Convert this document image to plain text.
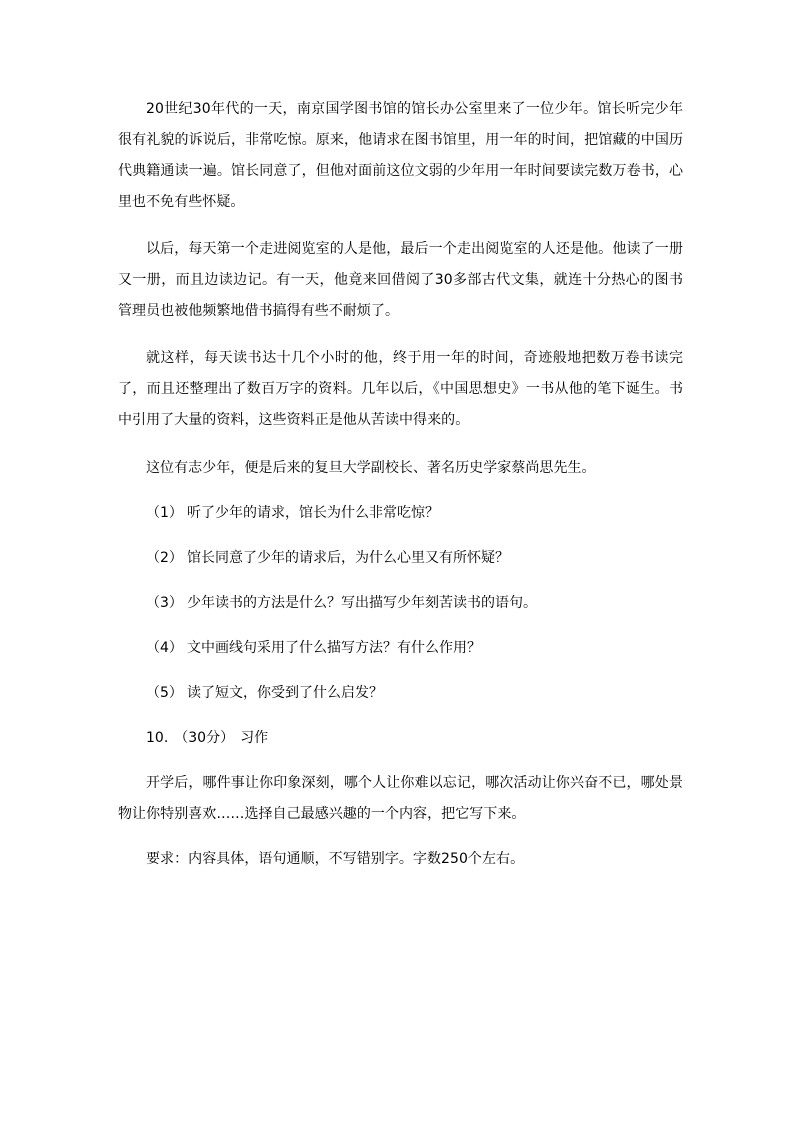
20世纪30年代的一天，南京国学图书馆的馆长办公室里来了一位少年。馆长听完少年很有礼貌的诉说后，非常吃惊。原来，他请求在图书馆里，用一年的时间，把馆藏的中国历代典籍通读一遍。馆长同意了，但他对面前这位文弱的少年用一年时间要读完数万卷书，心里也不免有些怀疑。

以后，每天第一个走进阅览室的人是他，最后一个走出阅览室的人还是他。他读了一册又一册，而且边读边记。有一天，他竟来回借阅了30多部古代文集，就连十分热心的图书管理员也被他频繁地借书搞得有些不耐烦了。

就这样，每天读书达十几个小时的他，终于用一年的时间，奇迹般地把数万卷书读完了，而且还整理出了数百万字的资料。几年以后，《中国思想史》一书从他的笔下诞生。书中引用了大量的资料，这些资料正是他从苦读中得来的。

这位有志少年，便是后来的复旦大学副校长、著名历史学家蔡尚思先生。

（1） 听了少年的请求，馆长为什么非常吃惊？
（2） 馆长同意了少年的请求后，为什么心里又有所怀疑？
（3） 少年读书的方法是什么？写出描写少年刻苦读书的语句。
（4） 文中画线句采用了什么描写方法？有什么作用？
（5） 读了短文，你受到了什么启发？
10. （30分） 习作

开学后，哪件事让你印象深刻，哪个人让你难以忘记，哪次活动让你兴奋不已，哪处景物让你特别喜欢……选择自己最感兴趣的一个内容，把它写下来。

要求：内容具体，语句通顺，不写错别字。字数250个左右。
